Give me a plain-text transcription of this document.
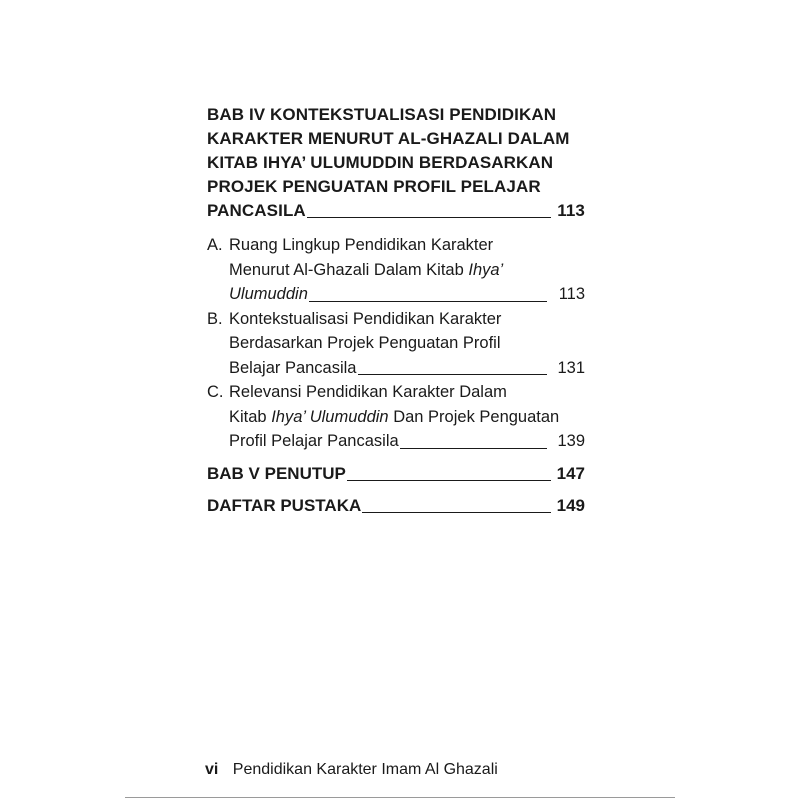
BAB IV KONTEKSTUALISASI PENDIDIKAN
KARAKTER MENURUT AL-GHAZALI DALAM
KITAB IHYA’ ULUMUDDIN BERDASARKAN
PROJEK PENGUATAN PROFIL PELAJAR
PANCASILA	113
A. Ruang Lingkup Pendidikan Karakter
Menurut Al-Ghazali Dalam Kitab Ihya’
Ulumuddin	113
B. Kontekstualisasi Pendidikan Karakter
Berdasarkan Projek Penguatan Profil
Belajar Pancasila	131
C. Relevansi Pendidikan Karakter Dalam
Kitab Ihya’ Ulumuddin Dan Projek Penguatan
Profil Pelajar Pancasila	139
BAB V PENUTUP	147
DAFTAR PUSTAKA	149
vi Pendidikan Karakter Imam Al Ghazali
